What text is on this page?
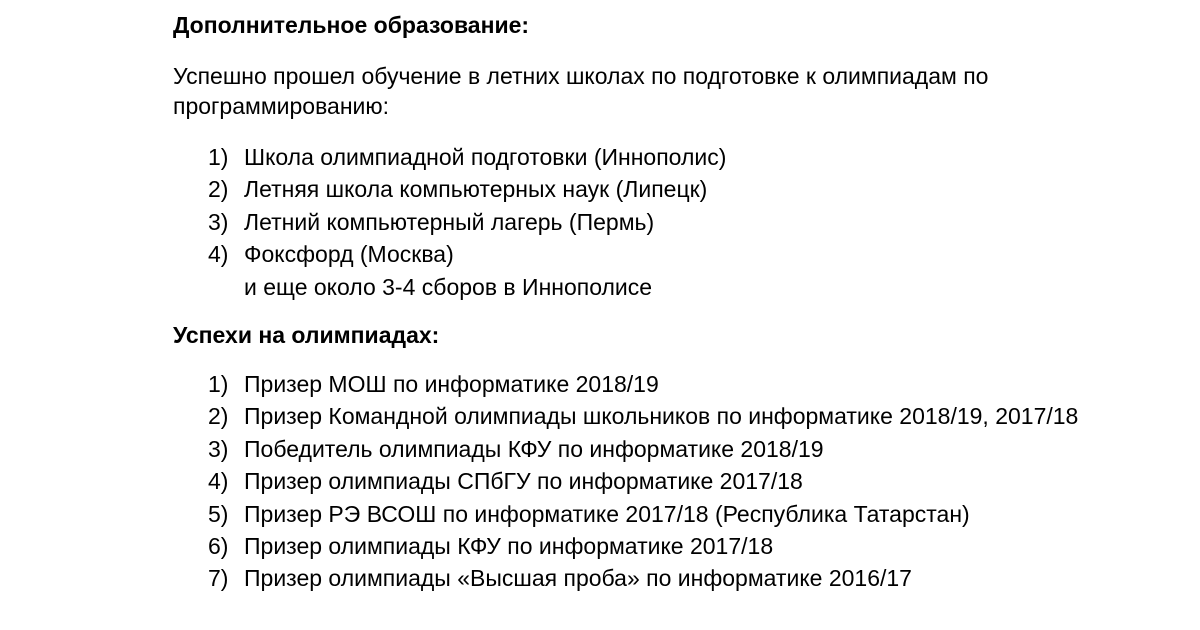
Дополнительное образование:
Успешно прошел обучение в летних школах по подготовке к олимпиадам по программированию:
1) Школа олимпиадной подготовки (Иннополис)
2) Летняя школа компьютерных наук (Липецк)
3) Летний компьютерный лагерь (Пермь)
4) Фоксфорд (Москва)
и еще около 3-4 сборов в Иннополисе
Успехи на олимпиадах:
1) Призер МОШ по информатике 2018/19
2) Призер Командной олимпиады школьников по информатике 2018/19, 2017/18
3) Победитель олимпиады КФУ по информатике 2018/19
4) Призер олимпиады СПбГУ по информатике 2017/18
5) Призер РЭ ВСОШ по информатике 2017/18 (Республика Татарстан)
6) Призер олимпиады КФУ по информатике 2017/18
7) Призер олимпиады «Высшая проба» по информатике 2016/17
